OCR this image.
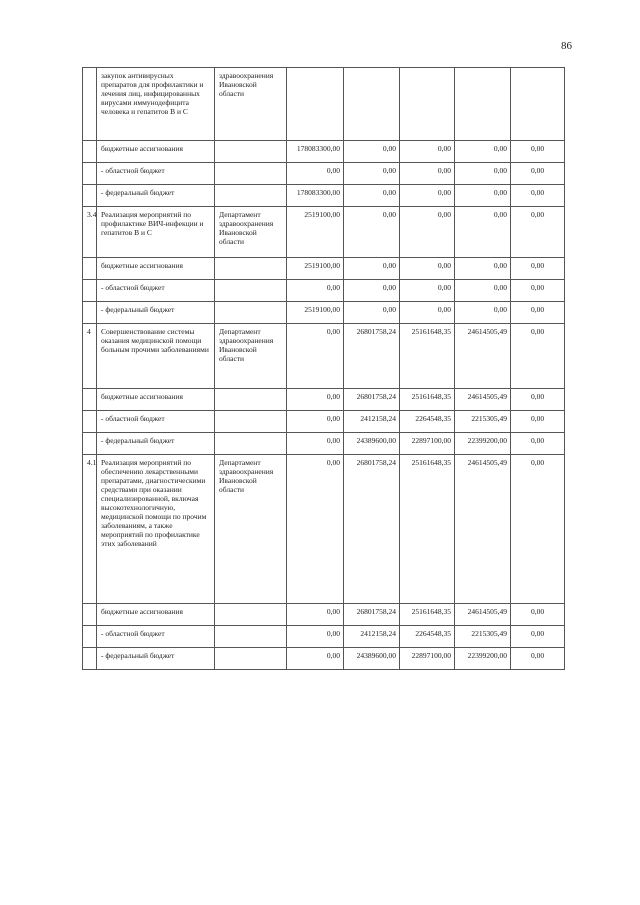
86
	закупок антивирусных препаратов для профилактики и лечения лиц, инфицированных вирусами иммунодефицита человека и гепатитов В и С	здравоохранения Ивановской области					
	бюджетные ассигнования		178083300,00	0,00	0,00	0,00	0,00
	- областной бюджет		0,00	0,00	0,00	0,00	0,00
	- федеральный бюджет		178083300,00	0,00	0,00	0,00	0,00
3.4	Реализация мероприятий по профилактике ВИЧ-инфекции и гепатитов В и С	Департамент здравоохранения Ивановской области	2519100,00	0,00	0,00	0,00	0,00
	бюджетные ассигнования		2519100,00	0,00	0,00	0,00	0,00
	- областной бюджет		0,00	0,00	0,00	0,00	0,00
	- федеральный бюджет		2519100,00	0,00	0,00	0,00	0,00
4	Совершенствование системы оказания медицинской помощи больным прочими заболеваниями	Департамент здравоохранения Ивановской области	0,00	26801758,24	25161648,35	24614505,49	0,00
	бюджетные ассигнования		0,00	26801758,24	25161648,35	24614505,49	0,00
	- областной бюджет		0,00	2412158,24	2264548,35	2215305,49	0,00
	- федеральный бюджет		0,00	24389600,00	22897100,00	22399200,00	0,00
4.1	Реализация мероприятий по обеспечению лекарственными препаратами, диагностическими средствами при оказании специализированной, включая высокотехнологичную, медицинской помощи по прочим заболеваниям, а также мероприятий по профилактике этих заболеваний	Департамент здравоохранения Ивановской области	0,00	26801758,24	25161648,35	24614505,49	0,00
	бюджетные ассигнования		0,00	26801758,24	25161648,35	24614505,49	0,00
	- областной бюджет		0,00	2412158,24	2264548,35	2215305,49	0,00
	- федеральный бюджет		0,00	24389600,00	22897100,00	22399200,00	0,00
